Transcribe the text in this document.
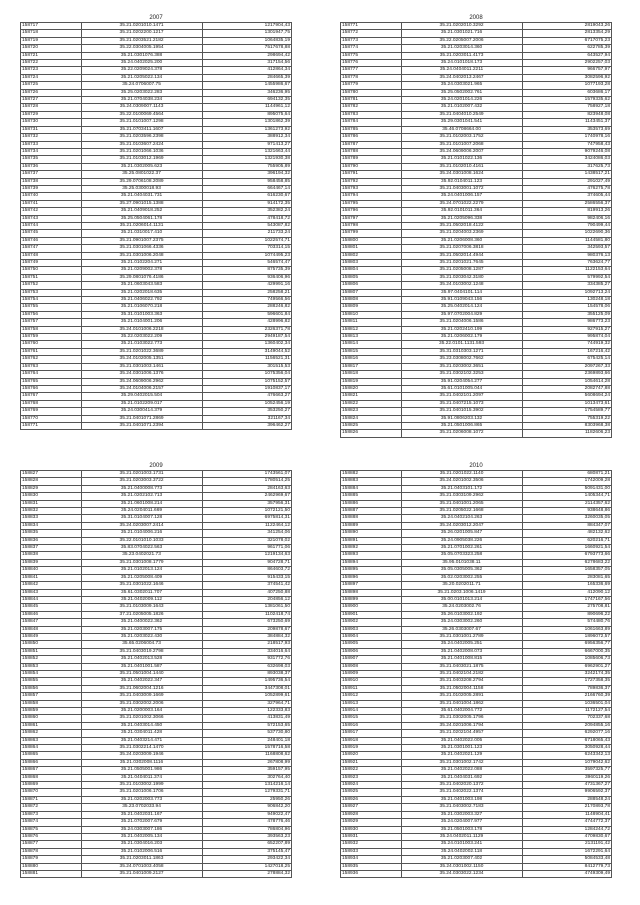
2007
158717	35.21.0201010.1471	1217904,43
158718	35.21.0202200.1217	1301947,75
158719	35.21.0203521.2182	1064835,19
158720	35.22.0304005.1954	7517678,88
158721	35.21.0301076.388	298694,42
158722	35.24.0402025.200	317154,56
158723	35.22.0209024.378	412864,34
158724	35.21.0205022.134	284665,39
158725	35.24.0706007.75	1455986,67
158726	35.25.0203022.283	346236,95
158727	35.21.0704038.234	694132,35
158728	35.24.0309007.1143	1144961,12
158729	35.22.0100069.4564	895075,64
158730	35.21.0101007.1298	1301862,39
158731	35.21.0703411.1607	1361273,92
158732	35.21.0203596.2398	388912,34
158733	35.21.0103607.2424	971413,27
158734	35.21.0201066.1036	1321663,44
158735	35.21.0103012.1969	1321930,38
158736	35.21.0302005.623	755905,89
158737	35.25.0801022.37	396194,32
158738	35.29.0706108.2089	958458,85
158739	35.25.0300018.93	664467,14
158740	35.21.0404031.731	616230,67
158741	35.27.0901015.1388	914172,35
158742	35.21.0409018.252	352382,24
158743	35.25.0504061.178	478418,72
158744	35.21.0206014.1131	543087,82
158745	35.21.0310017.410	211733,24
158746	35.21.0901007.2375	1022574,71
158747	35.21.0301066.4336	703314,15
158748	35.21.0301006.2048	1074495,23
158749	35.21.0102204.271	546574,47
158750	35.21.0209002.378	875735,39
158751	35.29.0801076.4186	936406,96
158752	35.21.0603043.583	429991,16
158753	35.21.0202018.635	258258,21
158754	35.21.0406022.792	749566,56
158755	35.21.0106070.218	288246,82
158756	35.31.0101003.363	596601,84
158757	35.21.0104001.206	428996,82
158758	35.24.0101006.2218	2326371,78
158759	35.22.0203022.209	2949187,54
158760	35.21.0103022.773	1360402,34
158761	35.21.0201022.3689	3149044,52
158762	35.24.0102005.1351	1156521,31
158763	35.21.0301003.1461	301515,53
158764	35.24.0301006.1376	1075356,04
158765	35.24.0609006.2962	1075152,57
158766	35.24.0104006.2157	1910837,17
158767	35.29.0402015.504	476663,27
158768	35.21.0102209.017	1052456,19
158769	35.24.0300414.379	353250,27
158770	35.21.0401071.2869	321167,34
158771	35.21.0401071.2394	396462,27
2008
158771	35.21.0202010.3292	2819043,26
158772	35.21.0301021.716	2813354,29
158773	35.22.0205007.2006	6717075,23
158774	35.21.0203014.360	622785,39
158775	35.21.0203011.4173	643527,94
158776	35.24.0101018.173	2902257,03
158777	35.24.0404011.2211	966757,97
158778	35.24.0402013.2467	3082596,92
158779	35.24.0303021.965	1077193,28
158780	35.25.0502002.761	603686,17
158781	35.24.0201014.226	1579335,62
158782	35.21.0102007.432	758927,18
158783	35.21.0404010.2549	823948,08
158784	35.29.0301041.541	1143451,37
158785	35.46.0708664.00	353573,69
158786	35.21.0102003.1752	1740978,16
158787	35.21.0101007.2068	747958,43
158788	35.24.0609006.2007	9079246,08
158789	35.21.0101022.136	3424086,03
158790	35.21.0102010.4161	317625,73
158791	35.24.0301008.1624	1438517,21
158792	35.92.0104011.123	291027,49
158793	35.21.0403001.1072	476275,78
158794	35.24.0401006.157	374605,44
158795	35.24.0701022.2279	2586556,37
158796	35.92.0101011.364	819913,26
158797	35.21.0205096.338	982406,16
158798	35.21.0502018.4122	790499,44
158799	35.21.0204003.2369	1022690,36
158800	35.21.0206008.360	1144581,80
158801	35.21.0207006.3818	342593,57
158802	35.21.0502014.4944	980376,13
158803	35.21.0201021.7645	763624,77
158804	35.21.0205008.1287	1122153,64
158805	35.21.0203042.3180	579992,54
158806	35.24.0103002.1248	334385,27
158807	35.97.0404101.114	1092713,24
158808	35.91.0109043.156	130248,18
158809	35.25.0402014.124	154578,06
158810	35.97.0702004.829	355125,09
158811	35.21.0204006.1586	986773,23
158812	35.21.0202410.199	927915,27
158813	35.21.0206002.179	995874,04
158814	35.22.0101.1131.593	744919,32
158815	35.31.0310303.1271	167216,42
158816	35.23.0308002.7662	675425,14
158817	35.21.0203002.3651	2097267,33
158818	35.21.0302102.3253	2369893,66
158819	35.91.0204054.277	1054614,28
158820	35.61.0101005.044	2082747,88
158821	35.21.0402101.2097	5608694,24
158822	35.21.0407215.1073	1013473,61
158823	35.21.0401015.3902	1754589,77
158824	35.91.0806203.132	755319,22
158825	35.21.0501006.865	8303968,38
158826	35.21.0206008.1072	1182606,23
2009
158827	35.21.0201003.1731	1743561,07
158828	35.21.0203003.3722	1780514,25
158829	35.21.0400008.773	284163,63
158830	35.21.0202102.713	2462969,67
158831	35.21.0601008.214	357956,31
158832	35.24.0204011.669	1072121,50
158833	35.31.0104007.128	6975814,31
158834	35.24.0203007.2414	1122464,12
158835	35.21.0104006.216	341254,06
158836	35.22.0101010.1033	321078,02
158837	35.83.0704022.563	961771,06
158838	35.23.0402021.73	1219134,63
158839	35.21.0301008.1779	904728,71
158840	35.21.0102013.124	864603,72
158841	35.21.0205008.409	915433,15
158842	35.21.0301022.1646	374541,42
158843	35.61.0302011.707	407250,88
158844	35.21.0402009.112	204856,12
158845	35.21.0103009.1643	1381061,50
158846	37.21.0205005.1826	1102418,74
158847	35.21.0400022.362	673250,69
158848	35.21.0203007.175	209878,67
158849	35.21.0203022.430	384884,32
158850	35.65.0206004.73	218517,93
158851	35.21.0403019.2798	334016,64
158852	35.21.0402013.528	931772,76
158853	35.21.0401001.587	632698,03
158854	35.21.0501004.1440	893038,37
158855	35.21.0402022.347	1495736,54
158856	35.21.0602004.1216	3447308,01
158857	35.21.0403009.1669	1052899,61
158858	35.21.0302002.2006	327964,71
158859	35.21.0200003.164	122333,83
158860	35.21.0201002.3066	413831,49
158861	35.21.0403014.450	572153,65
158862	35.21.0304011.428	537730,80
158863	35.21.0403214.471	248401,18
158864	35.21.0302214.1470	1578716,58
158865	35.24.0203009.1946	1168808,62
158866	35.21.0302008.1116	267808,99
158867	35.21.0505001.986	359157,95
158868	35.21.0404011.374	302764,40
158869	35.21.0103002.1999	1314216,14
158870	35.21.0201006.1706	1279331,71
158871	35.21.0202003.773	25950,26
158872	35.23.0702033.94	906842,20
158873	35.21.0402031.167	949022,47
158874	35.21.0702007.679	478776,46
158875	35.24.0303007.186	786804,96
158876	35.21.0402005.134	393563,23
158877	35.21.0304016.203	652207,89
158878	35.21.0102006.516	375145,47
158879	35.21.0203011.1863	293422,34
158880	35.24.0701003.4058	1427018,25
158881	35.21.0401009.2127	278884,32
2010
158882	35.21.0201022.1140	680871,21
158883	35.24.0201002.3506	1742009,28
158884	35.21.0403101.172	5091431,00
158885	35.21.0303109.2962	1405344,71
158886	35.21.0401001.2065	2114357,62
158887	35.21.0205022.1668	938648,86
158888	35.24.0402104.263	3260035,05
158889	35.24.0203012.2047	884347,07
158890	35.26.0201005.847	482132,62
158891	35.24.0905038.226	620216,71
158892	35.21.0701002.261	1660921,54
158893	35.05.0703323.258	6793773,66
158894	35.95.0101038.11	6278683,22
158895	35.05.0305005.362	1658357,05
158896	35.02.0203002.255	283081,65
158897	35.20.0202011.71	165336,69
158898	35.21.0203.1006.1419	412090,12
158899	35.00.0101013.214	1747167,56
158900	35.24.0203002.76	275708,81
158901	35.26.0103002.192	890696,22
158902	35.24.0303002.260	574480,76
158903	35.26.0303007.67	1061663,89
158904	35.21.0301001.2789	1896072,57
158905	35.24.0402005.251	6956356,77
158906	35.21.0402008.073	6667000,35
158907	35.21.0401008.815	1085606,73
158908	35.21.0403021.1875	6962901,27
158909	35.21.0402104.2182	3242174,35
158910	35.21.0403208.2794	1727358,35
158911	35.21.0502004.1158	789836,37
158912	35.21.0102005.2891	2166760,39
158913	35.21.0401004.1862	1036501,04
158914	35.61.0402004.772	1172127,54
158915	35.21.0302005.1796	702337,68
158916	35.24.0201006.1794	2094855,16
158917	35.21.0202104.4957	6292077,16
158918	35.21.0402022.005	6718065,43
158919	35.21.0301001.123	3050928,44
158920	35.21.0402021.129	6243342,13
158921	35.21.0301002.1742	1079042,62
158922	35.21.0402022.088	3597325,77
158923	35.21.0404031.692	3960119,26
158924	35.21.0402020.1372	4731367,27
158925	35.21.0402022.1374	9906592,37
158926	35.21.0401003.198	288548,24
158927	35.21.0403002.7183	2170893,78
158928	35.21.0302003.327	1148904,41
158929	35.24.0204007.977	4744772,37
158930	35.21.0501003.178	1284244,72
158931	35.24.0402011.1129	4709830,67
158932	35.24.0101003.241	2131191,42
158933	35.24.0402002.118	1672291,64
158934	35.21.0203007.402	5084533,48
158935	35.24.0301002.1150	8412779,73
158936	35.24.0303022.1234	4749309,49
